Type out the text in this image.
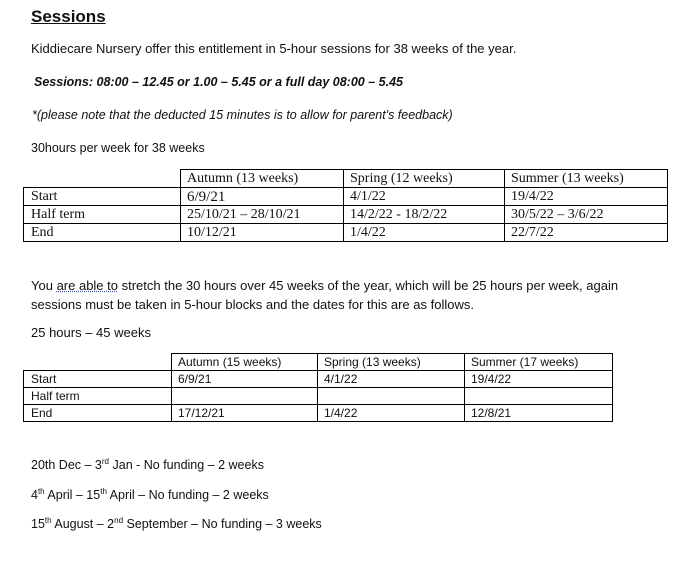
Sessions
Kiddiecare Nursery offer this entitlement in 5-hour sessions for 38 weeks of the year.
Sessions: 08:00 – 12.45 or 1.00 – 5.45 or a full day 08:00 – 5.45
*(please note that the deducted 15 minutes is to allow for parent's feedback)
30hours per week for 38 weeks
	Autumn (13 weeks)	Spring (12 weeks)	Summer (13 weeks)
Start	6/9/21	4/1/22	19/4/22
Half term	25/10/21 – 28/10/21	14/2/22 - 18/2/22	30/5/22 – 3/6/22
End	10/12/21	1/4/22	22/7/22
You are able to stretch the 30 hours over 45 weeks of the year, which will be 25 hours per week, again sessions must be taken in 5-hour blocks and the dates for this are as follows.
25 hours – 45 weeks
	Autumn (15 weeks)	Spring (13 weeks)	Summer (17 weeks)
Start	6/9/21	4/1/22	19/4/22
Half term			
End	17/12/21	1/4/22	12/8/21
20th Dec – 3rd Jan - No funding – 2 weeks
4th April – 15th April – No funding – 2 weeks
15th August – 2nd September – No funding – 3 weeks
